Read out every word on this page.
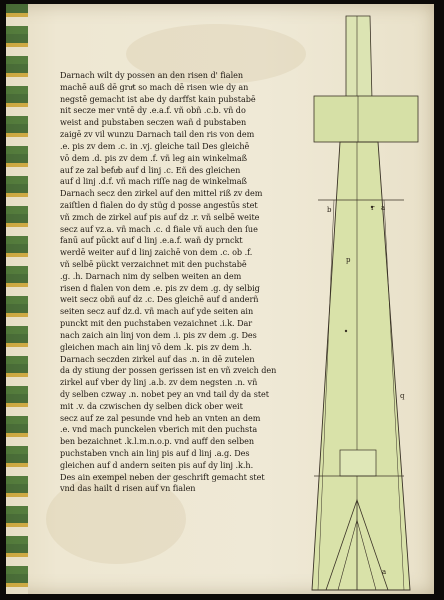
Darnach wilt dy possen an den risen d' fialen
machē auß dē gruͤt so mach dē risen wie dy an
negstē gemacht ist abe dy darffst kain pubstabē
nit secze mer vntē dy .e.a.f. vñ obñ .c.b. vñ do
weist and pubstaben seczen wañ d pubstaben
zaigē zv vil wunzu Darnach tail den ris von dem
.e. pis zv dem .c. in .vj. gleiche tail Des gleichē
vō dem .d. pis zv dem .f. vñ leg ain winkelmaß
auf ze zal befuͤb auf d linj .c. Eñ des gleichen
auf d linj .d.f. vñ mach riſſe nag de winkelmaß
Darnach secz den zirkel auf den mittel riß zv dem
zaiſtlen d fialen do dy stüg d posse angestūs stet
vñ zmch de zirkel auf pis auf dz .r. vñ selbē weite
secz auf vz.a. vñ mach .c. d fiale vñ auch den ſue
fanū auf pūckt auf d linj .e.a.f. wañ dy prnckt
werdē weiter auf d linj zaichē von dem .c. ob .f.
vñ selbē pückt verzaichnet mit den puchstabē
.g. .h. Darnach nim dy selben weiten an dem
risen d fialen von dem .e. pis zv dem .g. dy selbig
weit secz obñ auf dz .c. Des gleichē auf d anderñ
seiten secz auf dz.d. vñ mach auf yde seiten ain
punckt mit den puchstaben vezaichnet .i.k. Dar
nach zaich ain linj von dem .i. pis zv dem .g. Des
gleichen mach ain linj vō dem .k. pis zv dem .h.
Darnach seczden zirkel auf das .n. in dē zutelen
da dy stiung der possen gerissen ist en vñ zveich den
zirkel auf vber dy linj .a.b. zv dem negsten .n. vñ
dy selben czway .n. nobet pey an vnd tail dy da stet
mit .v. da czwischen dy selben dick ober weit
secz auf ze zal pesunde vnd heb an vnten an dem
.e. vnd mach punckelen vberich mit den puchsta
ben bezaichnet .k.l.m.n.o.p. vnd auff den selben
puchstaben vnch ain linj pis auf d linj .a.g. Des
gleichen auf d andern seiten pis auf dy linj .k.h.
Des ain exempel neben der geschrift gemacht stet
vnd das hailt d risen auf vn fialen
r a
b
p
q
a
